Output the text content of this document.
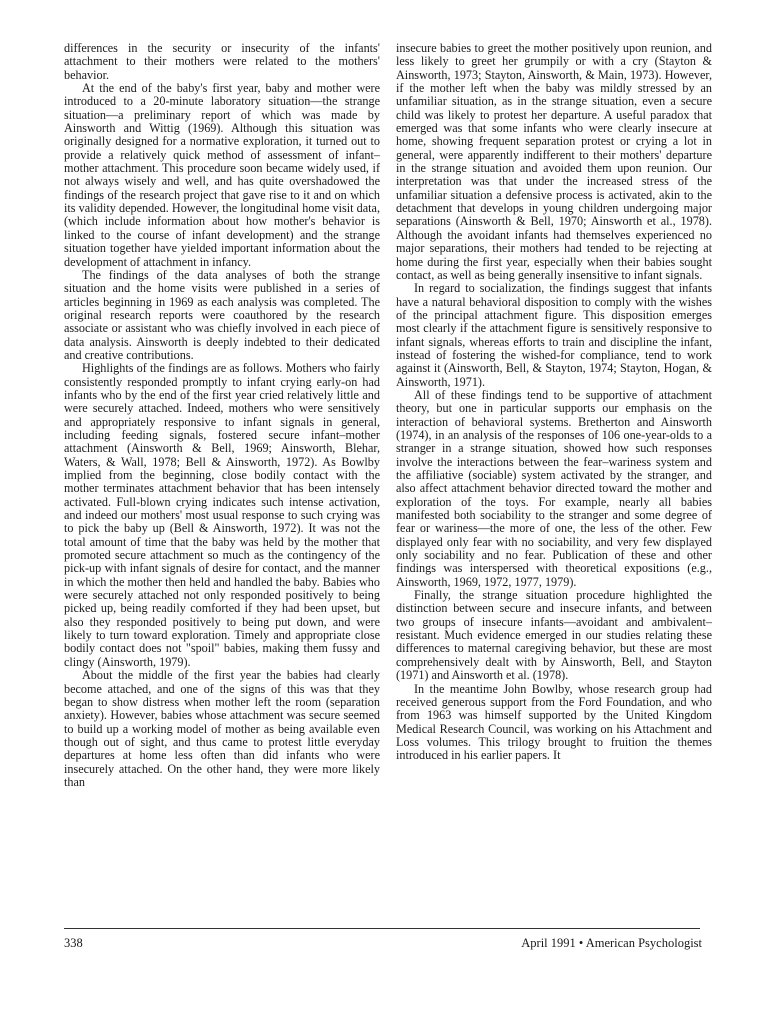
differences in the security or insecurity of the infants' attachment to their mothers were related to the mothers' behavior.

At the end of the baby's first year, baby and mother were introduced to a 20-minute laboratory situation—the strange situation—a preliminary report of which was made by Ainsworth and Wittig (1969). Although this situation was originally designed for a normative exploration, it turned out to provide a relatively quick method of assessment of infant–mother attachment. This procedure soon became widely used, if not always wisely and well, and has quite overshadowed the findings of the research project that gave rise to it and on which its validity depended. However, the longitudinal home visit data, (which include information about how mother's behavior is linked to the course of infant development) and the strange situation together have yielded important information about the development of attachment in infancy.

The findings of the data analyses of both the strange situation and the home visits were published in a series of articles beginning in 1969 as each analysis was completed. The original research reports were coauthored by the research associate or assistant who was chiefly involved in each piece of data analysis. Ainsworth is deeply indebted to their dedicated and creative contributions.

Highlights of the findings are as follows. Mothers who fairly consistently responded promptly to infant crying early-on had infants who by the end of the first year cried relatively little and were securely attached. Indeed, mothers who were sensitively and appropriately responsive to infant signals in general, including feeding signals, fostered secure infant–mother attachment (Ainsworth & Bell, 1969; Ainsworth, Blehar, Waters, & Wall, 1978; Bell & Ainsworth, 1972). As Bowlby implied from the beginning, close bodily contact with the mother terminates attachment behavior that has been intensely activated. Full-blown crying indicates such intense activation, and indeed our mothers' most usual response to such crying was to pick the baby up (Bell & Ainsworth, 1972). It was not the total amount of time that the baby was held by the mother that promoted secure attachment so much as the contingency of the pick-up with infant signals of desire for contact, and the manner in which the mother then held and handled the baby. Babies who were securely attached not only responded positively to being picked up, being readily comforted if they had been upset, but also they responded positively to being put down, and were likely to turn toward exploration. Timely and appropriate close bodily contact does not "spoil" babies, making them fussy and clingy (Ainsworth, 1979).

About the middle of the first year the babies had clearly become attached, and one of the signs of this was that they began to show distress when mother left the room (separation anxiety). However, babies whose attachment was secure seemed to build up a working model of mother as being available even though out of sight, and thus came to protest little everyday departures at home less often than did infants who were insecurely attached. On the other hand, they were more likely than

insecure babies to greet the mother positively upon reunion, and less likely to greet her grumpily or with a cry (Stayton & Ainsworth, 1973; Stayton, Ainsworth, & Main, 1973). However, if the mother left when the baby was mildly stressed by an unfamiliar situation, as in the strange situation, even a secure child was likely to protest her departure. A useful paradox that emerged was that some infants who were clearly insecure at home, showing frequent separation protest or crying a lot in general, were apparently indifferent to their mothers' departure in the strange situation and avoided them upon reunion. Our interpretation was that under the increased stress of the unfamiliar situation a defensive process is activated, akin to the detachment that develops in young children undergoing major separations (Ainsworth & Bell, 1970; Ainsworth et al., 1978). Although the avoidant infants had themselves experienced no major separations, their mothers had tended to be rejecting at home during the first year, especially when their babies sought contact, as well as being generally insensitive to infant signals.

In regard to socialization, the findings suggest that infants have a natural behavioral disposition to comply with the wishes of the principal attachment figure. This disposition emerges most clearly if the attachment figure is sensitively responsive to infant signals, whereas efforts to train and discipline the infant, instead of fostering the wished-for compliance, tend to work against it (Ainsworth, Bell, & Stayton, 1974; Stayton, Hogan, & Ainsworth, 1971).

All of these findings tend to be supportive of attachment theory, but one in particular supports our emphasis on the interaction of behavioral systems. Bretherton and Ainsworth (1974), in an analysis of the responses of 106 one-year-olds to a stranger in a strange situation, showed how such responses involve the interactions between the fear–wariness system and the affiliative (sociable) system activated by the stranger, and also affect attachment behavior directed toward the mother and exploration of the toys. For example, nearly all babies manifested both sociability to the stranger and some degree of fear or wariness—the more of one, the less of the other. Few displayed only fear with no sociability, and very few displayed only sociability and no fear. Publication of these and other findings was interspersed with theoretical expositions (e.g., Ainsworth, 1969, 1972, 1977, 1979).

Finally, the strange situation procedure highlighted the distinction between secure and insecure infants, and between two groups of insecure infants—avoidant and ambivalent–resistant. Much evidence emerged in our studies relating these differences to maternal caregiving behavior, but these are most comprehensively dealt with by Ainsworth, Bell, and Stayton (1971) and Ainsworth et al. (1978).

In the meantime John Bowlby, whose research group had received generous support from the Ford Foundation, and who from 1963 was himself supported by the United Kingdom Medical Research Council, was working on his Attachment and Loss volumes. This trilogy brought to fruition the themes introduced in his earlier papers. It

338	April 1991 • American Psychologist
